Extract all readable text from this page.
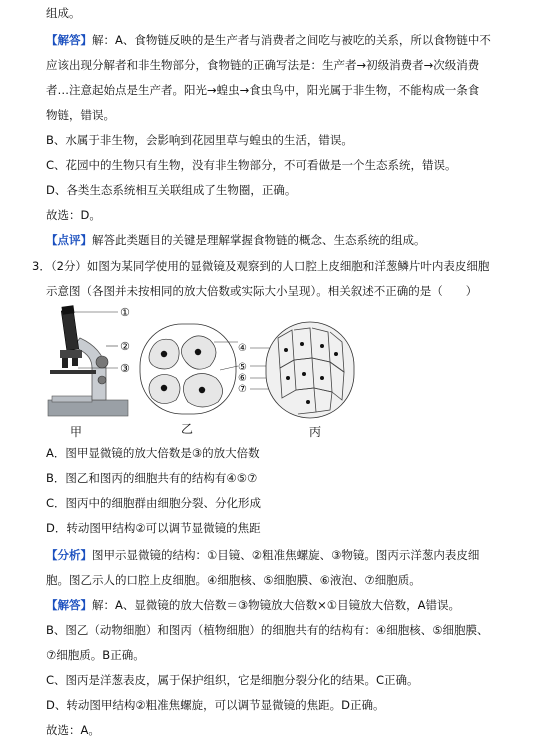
组成。
【解答】解：A、食物链反映的是生产者与消费者之间吃与被吃的关系，所以食物链中不
应该出现分解者和非生物部分，食物链的正确写法是：生产者→初级消费者→次级消费
者…注意起始点是生产者。阳光→蝗虫→食虫鸟中，阳光属于非生物，不能构成一条食
物链，错误。
B、水属于非生物，会影响到花园里草与蝗虫的生活，错误。
C、花园中的生物只有生物，没有非生物部分，不可看做是一个生态系统，错误。
D、各类生态系统相互关联组成了生物圈，正确。
故选：D。
【点评】解答此类题目的关键是理解掌握食物链的概念、生态系统的组成。
3．（2分）如图为某同学使用的显微镜及观察到的人口腔上皮细胞和洋葱鳞片叶内表皮细胞
示意图（各图并未按相同的放大倍数或实际大小呈现）。相关叙述不正确的是（　　）
①
②
③
④
⑤
⑥
⑦
甲	乙	丙
A．图甲显微镜的放大倍数是③的放大倍数
B．图乙和图丙的细胞共有的结构有④⑤⑦
C．图丙中的细胞群由细胞分裂、分化形成
D．转动图甲结构②可以调节显微镜的焦距
【分析】图甲示显微镜的结构：①目镜、②粗准焦螺旋、③物镜。图丙示洋葱内表皮细
胞。图乙示人的口腔上皮细胞。④细胞核、⑤细胞膜、⑥液泡、⑦细胞质。
【解答】解：A、显微镜的放大倍数＝③物镜放大倍数×①目镜放大倍数，A错误。
B、图乙（动物细胞）和图丙（植物细胞）的细胞共有的结构有：④细胞核、⑤细胞膜、
⑦细胞质。B正确。
C、图丙是洋葱表皮，属于保护组织，它是细胞分裂分化的结果。C正确。
D、转动图甲结构②粗准焦螺旋，可以调节显微镜的焦距。D正确。
故选：A。
